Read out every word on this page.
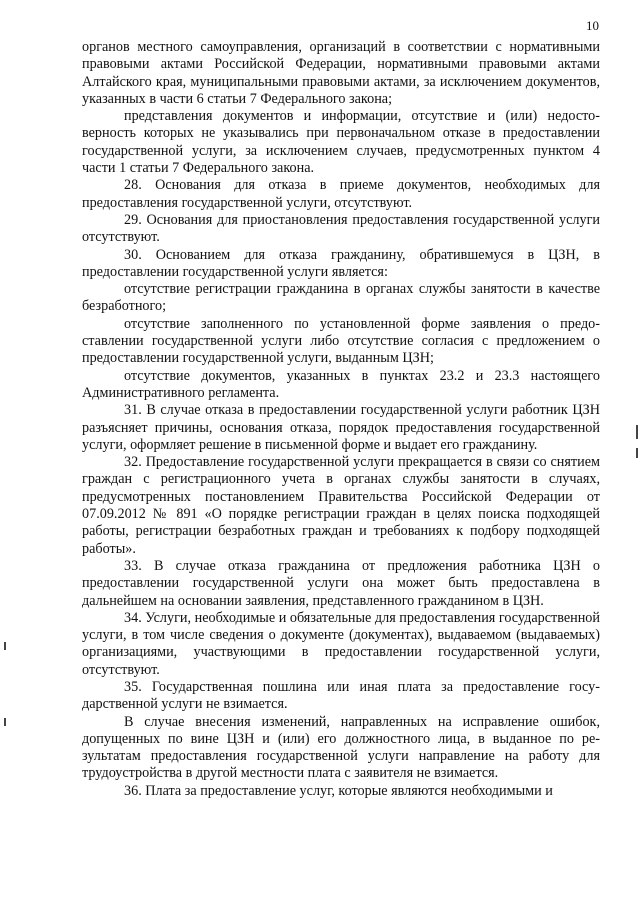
10

органов местного самоуправления, организаций в соответствии с нормативными правовыми актами Российской Федерации, нормативными правовыми актами Алтайского края, муниципальными правовыми актами, за исключением документов, указанных в части 6 статьи 7 Федерального закона;

представления документов и информации, отсутствие и (или) недостоверность которых не указывались при первоначальном отказе в предоставлении государственной услуги, за исключением случаев, предусмотренных пунктом 4 части 1 статьи 7 Федерального закона.

28. Основания для отказа в приеме документов, необходимых для предоставления государственной услуги, отсутствуют.

29. Основания для приостановления предоставления государственной услуги отсутствуют.

30. Основанием для отказа гражданину, обратившемуся в ЦЗН, в предоставлении государственной услуги является:

отсутствие регистрации гражданина в органах службы занятости в качестве безработного;

отсутствие заполненного по установленной форме заявления о предоставлении государственной услуги либо отсутствие согласия с предложением о предоставлении государственной услуги, выданным ЦЗН;

отсутствие документов, указанных в пунктах 23.2 и 23.3 настоящего Административного регламента.

31. В случае отказа в предоставлении государственной услуги работник ЦЗН разъясняет причины, основания отказа, порядок предоставления государственной услуги, оформляет решение в письменной форме и выдает его гражданину.

32. Предоставление государственной услуги прекращается в связи со снятием граждан с регистрационного учета в органах службы занятости в случаях, предусмотренных постановлением Правительства Российской Федерации от 07.09.2012 № 891 «О порядке регистрации граждан в целях поиска подходящей работы, регистрации безработных граждан и требованиях к подбору подходящей работы».

33. В случае отказа гражданина от предложения работника ЦЗН о предоставлении государственной услуги она может быть предоставлена в дальнейшем на основании заявления, представленного гражданином в ЦЗН.

34. Услуги, необходимые и обязательные для предоставления государственной услуги, в том числе сведения о документе (документах), выдаваемом (выдаваемых) организациями, участвующими в предоставлении государственной услуги, отсутствуют.

35. Государственная пошлина или иная плата за предоставление государственной услуги не взимается.

В случае внесения изменений, направленных на исправление ошибок, допущенных по вине ЦЗН и (или) его должностного лица, в выданное по результатам предоставления государственной услуги направление на работу для трудоустройства в другой местности плата с заявителя не взимается.

36. Плата за предоставление услуг, которые являются необходимыми и
